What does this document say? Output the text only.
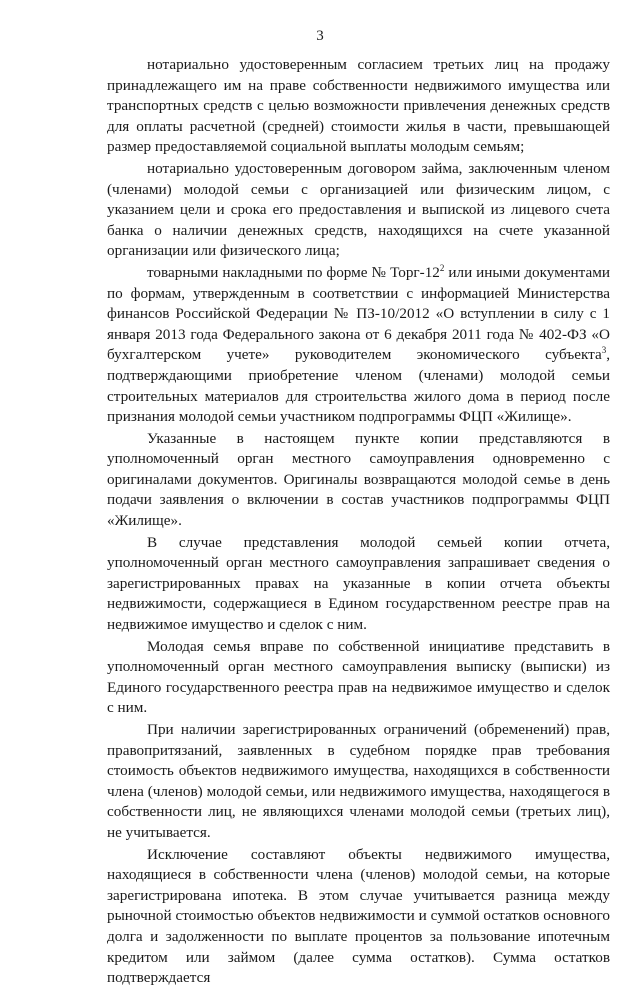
3

нотариально удостоверенным согласием третьих лиц на продажу принадлежащего им на праве собственности недвижимого имущества или транспортных средств с целью возможности привлечения денежных средств для оплаты расчетной (средней) стоимости жилья в части, превышающей размер предоставляемой социальной выплаты молодым семьям;

нотариально удостоверенным договором займа, заключенным членом (членами) молодой семьи с организацией или физическим лицом, с указанием цели и срока его предоставления и выпиской из лицевого счета банка о наличии денежных средств, находящихся на счете указанной организации или физического лица;

товарными накладными по форме № Торг-$12^2$ или иными документами по формам, утвержденным в соответствии с информацией Министерства финансов Российской Федерации № ПЗ-10/2012 «О вступлении в силу с 1 января 2013 года Федерального закона от 6 декабря 2011 года № 402-ФЗ «О бухгалтерском учете» руководителем экономического субъекта$^3$, подтверждающими приобретение членом (членами) молодой семьи строительных материалов для строительства жилого дома в период после признания молодой семьи участником подпрограммы ФЦП «Жилище».

Указанные в настоящем пункте копии представляются в уполномоченный орган местного самоуправления одновременно с оригиналами документов. Оригиналы возвращаются молодой семье в день подачи заявления о включении в состав участников подпрограммы ФЦП «Жилище».

В случае представления молодой семьей копии отчета, уполномоченный орган местного самоуправления запрашивает сведения о зарегистрированных правах на указанные в копии отчета объекты недвижимости, содержащиеся в Едином государственном реестре прав на недвижимое имущество и сделок с ним.

Молодая семья вправе по собственной инициативе представить в уполномоченный орган местного самоуправления выписку (выписки) из Единого государственного реестра прав на недвижимое имущество и сделок с ним.

При наличии зарегистрированных ограничений (обременений) прав, правопритязаний, заявленных в судебном порядке прав требования стоимость объектов недвижимого имущества, находящихся в собственности члена (членов) молодой семьи, или недвижимого имущества, находящегося в собственности лиц, не являющихся членами молодой семьи (третьих лиц), не учитывается.

Исключение составляют объекты недвижимого имущества, находящиеся в собственности члена (членов) молодой семьи, на которые зарегистрирована ипотека. В этом случае учитывается разница между рыночной стоимостью объектов недвижимости и суммой остатков основного долга и задолженности по выплате процентов за пользование ипотечным кредитом или займом (далее сумма остатков). Сумма остатков подтверждается
